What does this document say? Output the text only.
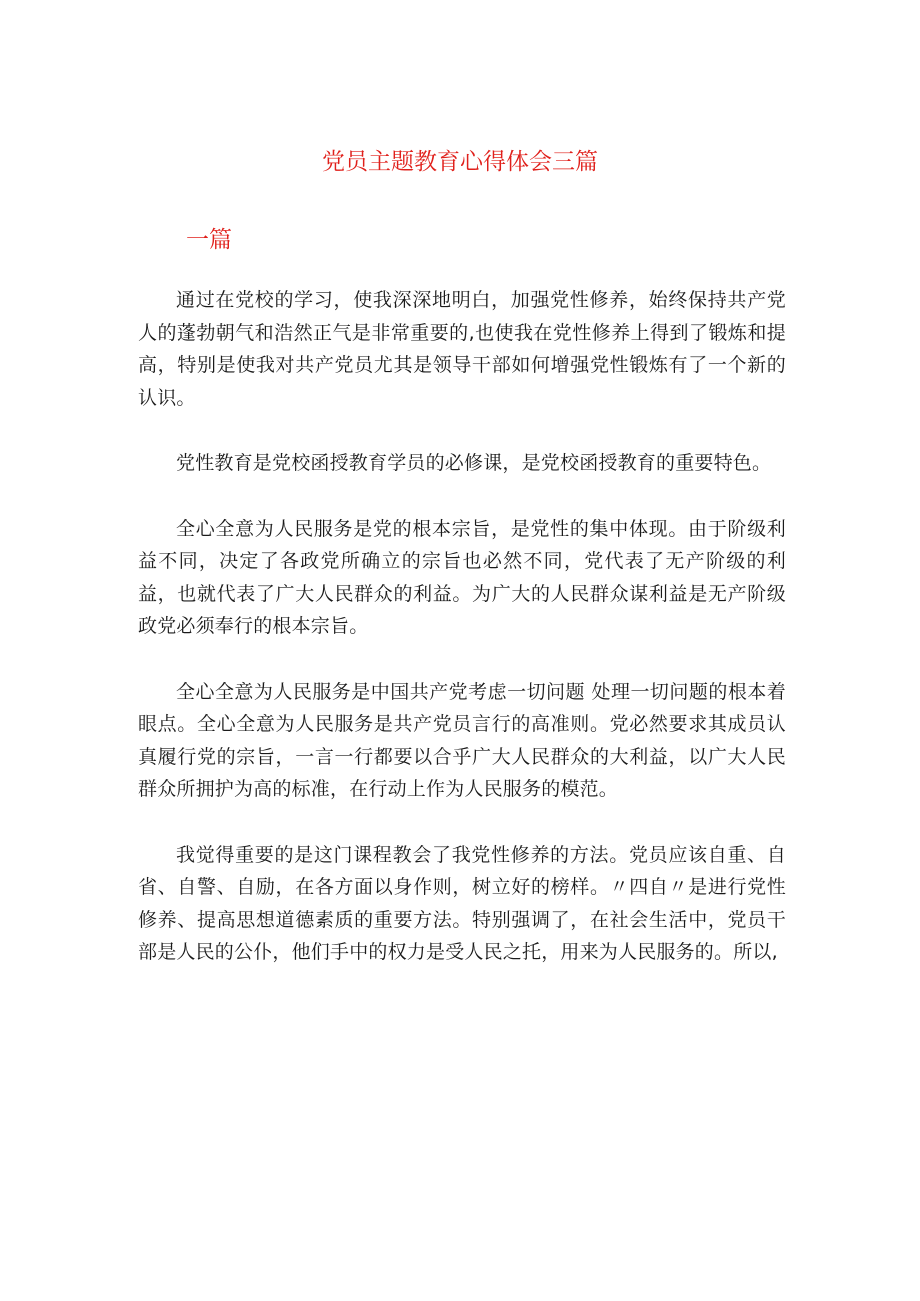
党员主题教育心得体会三篇
一篇

通过在党校的学习，使我深深地明白，加强党性修养，始终保持共产党人的蓬勃朝气和浩然正气是非常重要的,也使我在党性修养上得到了锻炼和提高，特别是使我对共产党员尤其是领导干部如何增强党性锻炼有了一个新的认识。

党性教育是党校函授教育学员的必修课，是党校函授教育的重要特色。

全心全意为人民服务是党的根本宗旨，是党性的集中体现。由于阶级利益不同，决定了各政党所确立的宗旨也必然不同，党代表了无产阶级的利益，也就代表了广大人民群众的利益。为广大的人民群众谋利益是无产阶级政党必须奉行的根本宗旨。

全心全意为人民服务是中国共产党考虑一切问题 处理一切问题的根本着眼点。全心全意为人民服务是共产党员言行的高准则。党必然要求其成员认真履行党的宗旨，一言一行都要以合乎广大人民群众的大利益，以广大人民群众所拥护为高的标准，在行动上作为人民服务的模范。

我觉得重要的是这门课程教会了我党性修养的方法。党员应该自重、自省、自警、自励，在各方面以身作则，树立好的榜样。〃四自〃是进行党性修养、提高思想道德素质的重要方法。特别强调了，在社会生活中，党员干部是人民的公仆，他们手中的权力是受人民之托，用来为人民服务的。所以,
